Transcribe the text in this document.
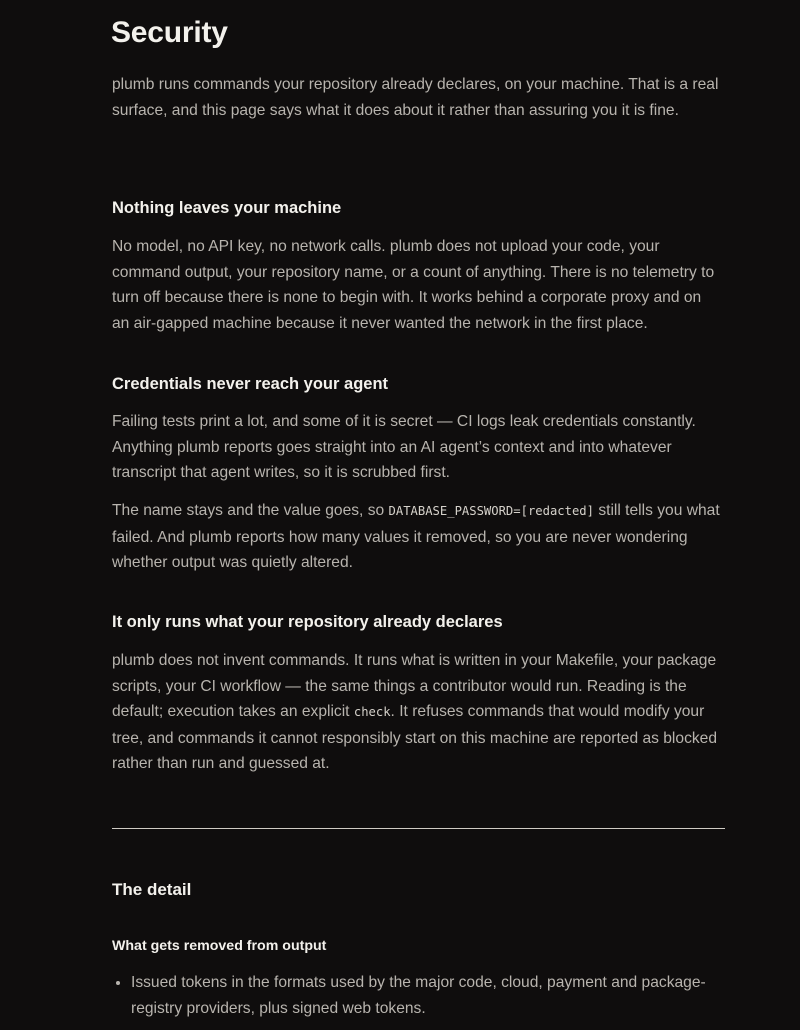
Security

plumb runs commands your repository already declares, on your machine. That is a real surface, and this page says what it does about it rather than assuring you it is fine.

Nothing leaves your machine

No model, no API key, no network calls. plumb does not upload your code, your command output, your repository name, or a count of anything. There is no telemetry to turn off because there is none to begin with. It works behind a corporate proxy and on an air-gapped machine because it never wanted the network in the first place.

Credentials never reach your agent

Failing tests print a lot, and some of it is secret — CI logs leak credentials constantly. Anything plumb reports goes straight into an AI agent’s context and into whatever transcript that agent writes, so it is scrubbed first.

The name stays and the value goes, so DATABASE_PASSWORD=[redacted] still tells you what failed. And plumb reports how many values it removed, so you are never wondering whether output was quietly altered.

It only runs what your repository already declares

plumb does not invent commands. It runs what is written in your Makefile, your package scripts, your CI workflow — the same things a contributor would run. Reading is the default; execution takes an explicit check. It refuses commands that would modify your tree, and commands it cannot responsibly start on this machine are reported as blocked rather than run and guessed at.

The detail
What gets removed from output
• Issued tokens in the formats used by the major code, cloud, payment and package-registry providers, plus signed web tokens.
